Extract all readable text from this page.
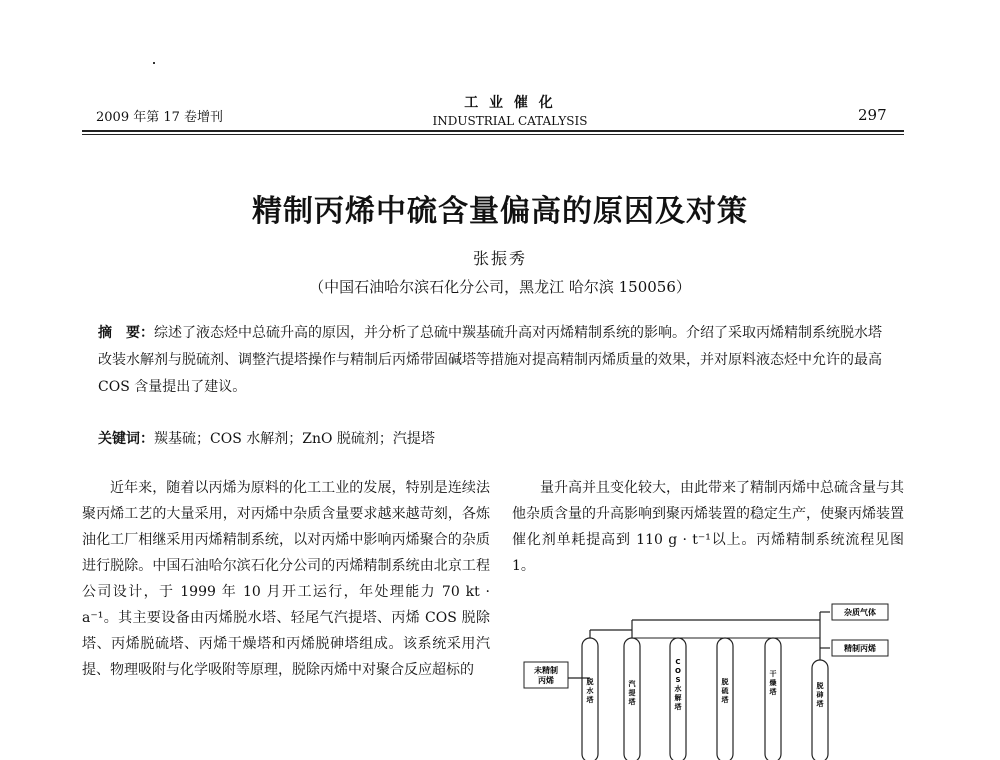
2009 年第 17 卷增刊
工 业 催 化
INDUSTRIAL CATALYSIS	297
精制丙烯中硫含量偏高的原因及对策
张振秀
（中国石油哈尔滨石化分公司，黑龙江 哈尔滨 150056）
摘　要：综述了液态烃中总硫升高的原因，并分析了总硫中羰基硫升高对丙烯精制系统的影响。介绍了采取丙烯精制系统脱水塔改装水解剂与脱硫剂、调整汽提塔操作与精制后丙烯带固碱塔等措施对提高精制丙烯质量的效果，并对原料液态烃中允许的最高 COS 含量提出了建议。
关键词：羰基硫；COS 水解剂；ZnO 脱硫剂；汽提塔

近年来，随着以丙烯为原料的化工工业的发展，特别是连续法聚丙烯工艺的大量采用，对丙烯中杂质含量要求越来越苛刻，各炼油化工厂相继采用丙烯精制系统，以对丙烯中影响丙烯聚合的杂质进行脱除。中国石油哈尔滨石化分公司的丙烯精制系统由北京工程公司设计，于 1999 年 10 月开工运行，年处理能力 70 kt · a⁻¹。其主要设备由丙烯脱水塔、轻尾气汽提塔、丙烯 COS 脱除塔、丙烯脱硫塔、丙烯干燥塔和丙烯脱砷塔组成。该系统采用汽提、物理吸附与化学吸附等原理，脱除丙烯中对聚合反应超标的

量升高并且变化较大，由此带来了精制丙烯中总硫含量与其他杂质含量的升高影响到聚丙烯装置的稳定生产，使聚丙烯装置催化剂单耗提高到 110 g · t⁻¹以上。丙烯精制系统流程见图 1。

未精制
丙烯
杂质气体
精制丙烯
脱水塔
汽提塔
C O S 水解塔
脱硫塔
干燥塔
脱砷塔
